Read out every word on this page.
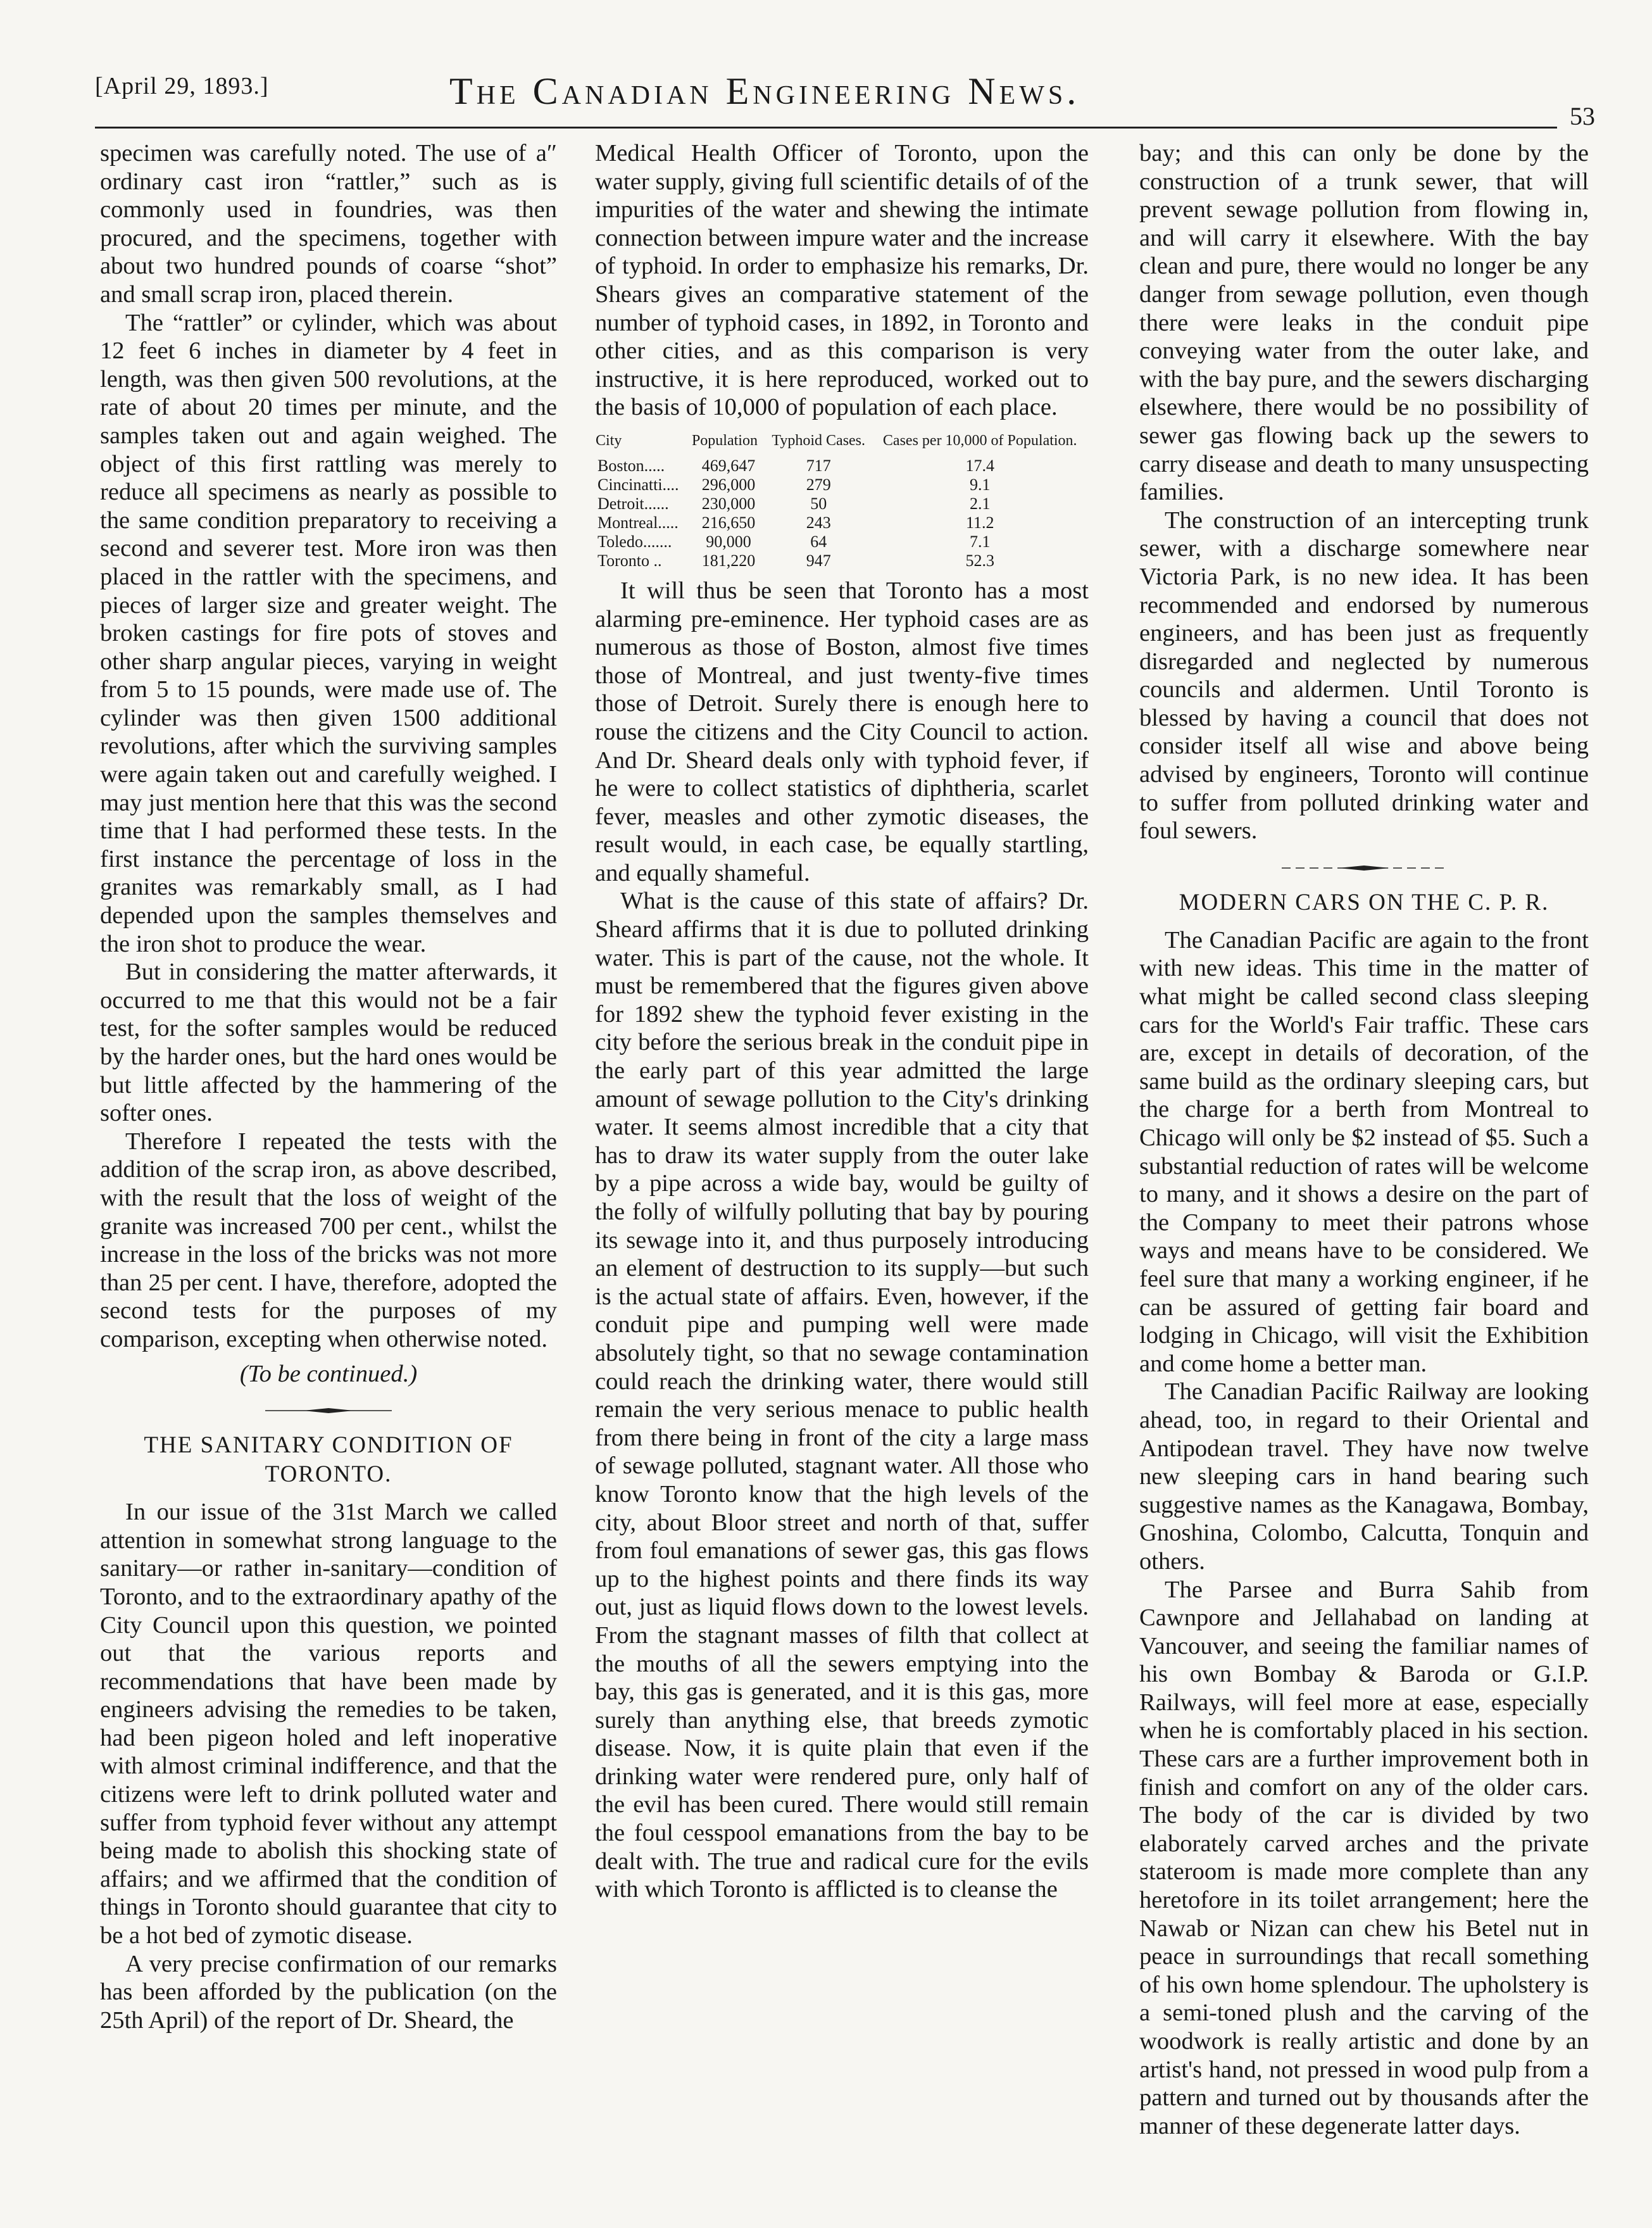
[April 29, 1893.]	The Canadian Engineering News.
53

specimen was carefully noted. The use of a″ ordinary cast iron “rattler,” such as is commonly used in foundries, was then procured, and the specimens, together with about two hundred pounds of coarse “shot” and small scrap iron, placed therein.

The “rattler” or cylinder, which was about 12 feet 6 inches in diameter by 4 feet in length, was then given 500 revolutions, at the rate of about 20 times per minute, and the samples taken out and again weighed. The object of this first rattling was merely to reduce all specimens as nearly as possible to the same condition preparatory to receiving a second and severer test. More iron was then placed in the rattler with the specimens, and pieces of larger size and greater weight. The broken castings for fire pots of stoves and other sharp angular pieces, varying in weight from 5 to 15 pounds, were made use of. The cylinder was then given 1500 additional revolutions, after which the surviving samples were again taken out and carefully weighed. I may just mention here that this was the second time that I had performed these tests. In the first instance the percentage of loss in the granites was remarkably small, as I had depended upon the samples themselves and the iron shot to produce the wear.

But in considering the matter afterwards, it occurred to me that this would not be a fair test, for the softer samples would be reduced by the harder ones, but the hard ones would be but little affected by the hammering of the softer ones.

Therefore I repeated the tests with the addition of the scrap iron, as above described, with the result that the loss of weight of the granite was increased 700 per cent., whilst the increase in the loss of the bricks was not more than 25 per cent. I have, therefore, adopted the second tests for the purposes of my comparison, excepting when otherwise noted.

(To be continued.)

THE SANITARY CONDITION OF TORONTO.

In our issue of the 31st March we called attention in somewhat strong language to the sanitary—or rather in-sanitary—condition of Toronto, and to the extraordinary apathy of the City Council upon this question, we pointed out that the various reports and recommendations that have been made by engineers advising the remedies to be taken, had been pigeon holed and left inoperative with almost criminal indifference, and that the citizens were left to drink polluted water and suffer from typhoid fever without any attempt being made to abolish this shocking state of affairs; and we affirmed that the condition of things in Toronto should guarantee that city to be a hot bed of zymotic disease.

A very precise confirmation of our remarks has been afforded by the publication (on the 25th April) of the report of Dr. Sheard, the

Medical Health Officer of Toronto, upon the water supply, giving full scientific details of of the impurities of the water and shewing the intimate connection between impure water and the increase of typhoid. In order to emphasize his remarks, Dr. Shears gives an comparative statement of the number of typhoid cases, in 1892, in Toronto and other cities, and as this comparison is very instructive, it is here reproduced, worked out to the basis of 10,000 of population of each place.

City	Population	Typhoid Cases.	Cases per 10,000 of Population.
Boston.....	469,647	717	17.4
Cincinatti....	296,000	279	9.1
Detroit......	230,000	50	2.1
Montreal.....	216,650	243	11.2
Toledo.......	90,000	64	7.1
Toronto ..	181,220	947	52.3

It will thus be seen that Toronto has a most alarming pre-eminence. Her typhoid cases are as numerous as those of Boston, almost five times those of Montreal, and just twenty-five times those of Detroit. Surely there is enough here to rouse the citizens and the City Council to action. And Dr. Sheard deals only with typhoid fever, if he were to collect statistics of diphtheria, scarlet fever, measles and other zymotic diseases, the result would, in each case, be equally startling, and equally shameful.

What is the cause of this state of affairs? Dr. Sheard affirms that it is due to polluted drinking water. This is part of the cause, not the whole. It must be remembered that the figures given above for 1892 shew the typhoid fever existing in the city before the serious break in the conduit pipe in the early part of this year admitted the large amount of sewage pollution to the City's drinking water. It seems almost incredible that a city that has to draw its water supply from the outer lake by a pipe across a wide bay, would be guilty of the folly of wilfully polluting that bay by pouring its sewage into it, and thus purposely introducing an element of destruction to its supply—but such is the actual state of affairs. Even, however, if the conduit pipe and pumping well were made absolutely tight, so that no sewage contamination could reach the drinking water, there would still remain the very serious menace to public health from there being in front of the city a large mass of sewage polluted, stagnant water. All those who know Toronto know that the high levels of the city, about Bloor street and north of that, suffer from foul emanations of sewer gas, this gas flows up to the highest points and there finds its way out, just as liquid flows down to the lowest levels. From the stagnant masses of filth that collect at the mouths of all the sewers emptying into the bay, this gas is generated, and it is this gas, more surely than anything else, that breeds zymotic disease. Now, it is quite plain that even if the drinking water were rendered pure, only half of the evil has been cured. There would still remain the foul cesspool emanations from the bay to be dealt with. The true and radical cure for the evils with which Toronto is afflicted is to cleanse the

bay; and this can only be done by the construction of a trunk sewer, that will prevent sewage pollution from flowing in, and will carry it elsewhere. With the bay clean and pure, there would no longer be any danger from sewage pollution, even though there were leaks in the conduit pipe conveying water from the outer lake, and with the bay pure, and the sewers discharging elsewhere, there would be no possibility of sewer gas flowing back up the sewers to carry disease and death to many unsuspecting families.

The construction of an intercepting trunk sewer, with a discharge somewhere near Victoria Park, is no new idea. It has been recommended and endorsed by numerous engineers, and has been just as frequently disregarded and neglected by numerous councils and aldermen. Until Toronto is blessed by having a council that does not consider itself all wise and above being advised by engineers, Toronto will continue to suffer from polluted drinking water and foul sewers.

MODERN CARS ON THE C. P. R.

The Canadian Pacific are again to the front with new ideas. This time in the matter of what might be called second class sleeping cars for the World's Fair traffic. These cars are, except in details of decoration, of the same build as the ordinary sleeping cars, but the charge for a berth from Montreal to Chicago will only be $2 instead of $5. Such a substantial reduction of rates will be welcome to many, and it shows a desire on the part of the Company to meet their patrons whose ways and means have to be considered. We feel sure that many a working engineer, if he can be assured of getting fair board and lodging in Chicago, will visit the Exhibition and come home a better man.

The Canadian Pacific Railway are looking ahead, too, in regard to their Oriental and Antipodean travel. They have now twelve new sleeping cars in hand bearing such suggestive names as the Kanagawa, Bombay, Gnoshina, Colombo, Calcutta, Tonquin and others.

The Parsee and Burra Sahib from Cawnpore and Jellahabad on landing at Vancouver, and seeing the familiar names of his own Bombay & Baroda or G.I.P. Railways, will feel more at ease, especially when he is comfortably placed in his section. These cars are a further improvement both in finish and comfort on any of the older cars. The body of the car is divided by two elaborately carved arches and the private stateroom is made more complete than any heretofore in its toilet arrangement; here the Nawab or Nizan can chew his Betel nut in peace in surroundings that recall something of his own home splendour. The upholstery is a semi-toned plush and the carving of the woodwork is really artistic and done by an artist's hand, not pressed in wood pulp from a pattern and turned out by thousands after the manner of these degenerate latter days.
